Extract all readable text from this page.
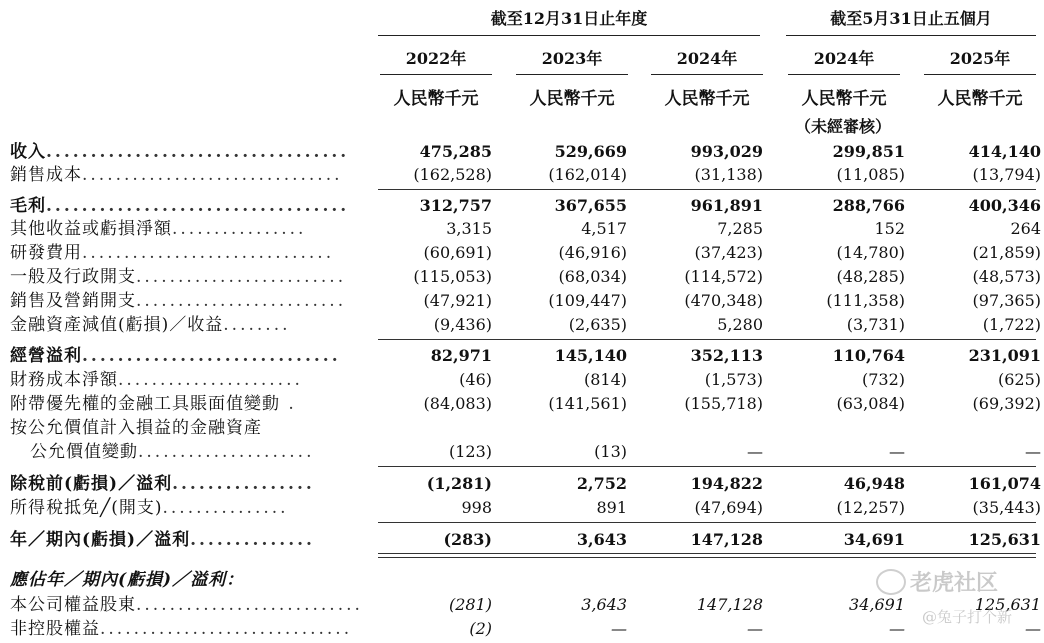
截至12月31日止年度	截至5月31日止五個月
2022年	2023年	2024年	2024年	2025年
人民幣千元	人民幣千元	人民幣千元	人民幣千元	人民幣千元
（未經審核）
收入..................................	475,285	529,669	993,029	299,851	414,140
銷售成本...............................	(162,528)	(162,014)	(31,138)	(11,085)	(13,794)
毛利..................................	312,757	367,655	961,891	288,766	400,346
其他收益或虧損淨額................	3,315	4,517	7,285	152	264
研發費用..............................	(60,691)	(46,916)	(37,423)	(14,780)	(21,859)
一般及行政開支.........................	(115,053)	(68,034)	(114,572)	(48,285)	(48,573)
銷售及營銷開支.........................	(47,921)	(109,447)	(470,348)	(111,358)	(97,365)
金融資產減值(虧損)／收益........	(9,436)	(2,635)	5,280	(3,731)	(1,722)
經營溢利.............................	82,971	145,140	352,113	110,764	231,091
財務成本淨額......................	(46)	(814)	(1,573)	(732)	(625)
附帶優先權的金融工具賬面值變動 .	(84,083)	(141,561)	(155,718)	(63,084)	(69,392)
按公允價值計入損益的金融資產
公允價值變動.....................	(123)	(13)	—	—	—
除稅前(虧損)／溢利................	(1,281)	2,752	194,822	46,948	161,074
所得稅抵免╱(開支)...............	998	891	(47,694)	(12,257)	(35,443)
年／期內(虧損)／溢利..............	(283)	3,643	147,128	34,691	125,631
應佔年／期內(虧損)／溢利：
本公司權益股東...........................	(281)	3,643	147,128	34,691	125,631
非控股權益..............................	(2)	—	—	—	—
老虎社区
@兔子打个新
